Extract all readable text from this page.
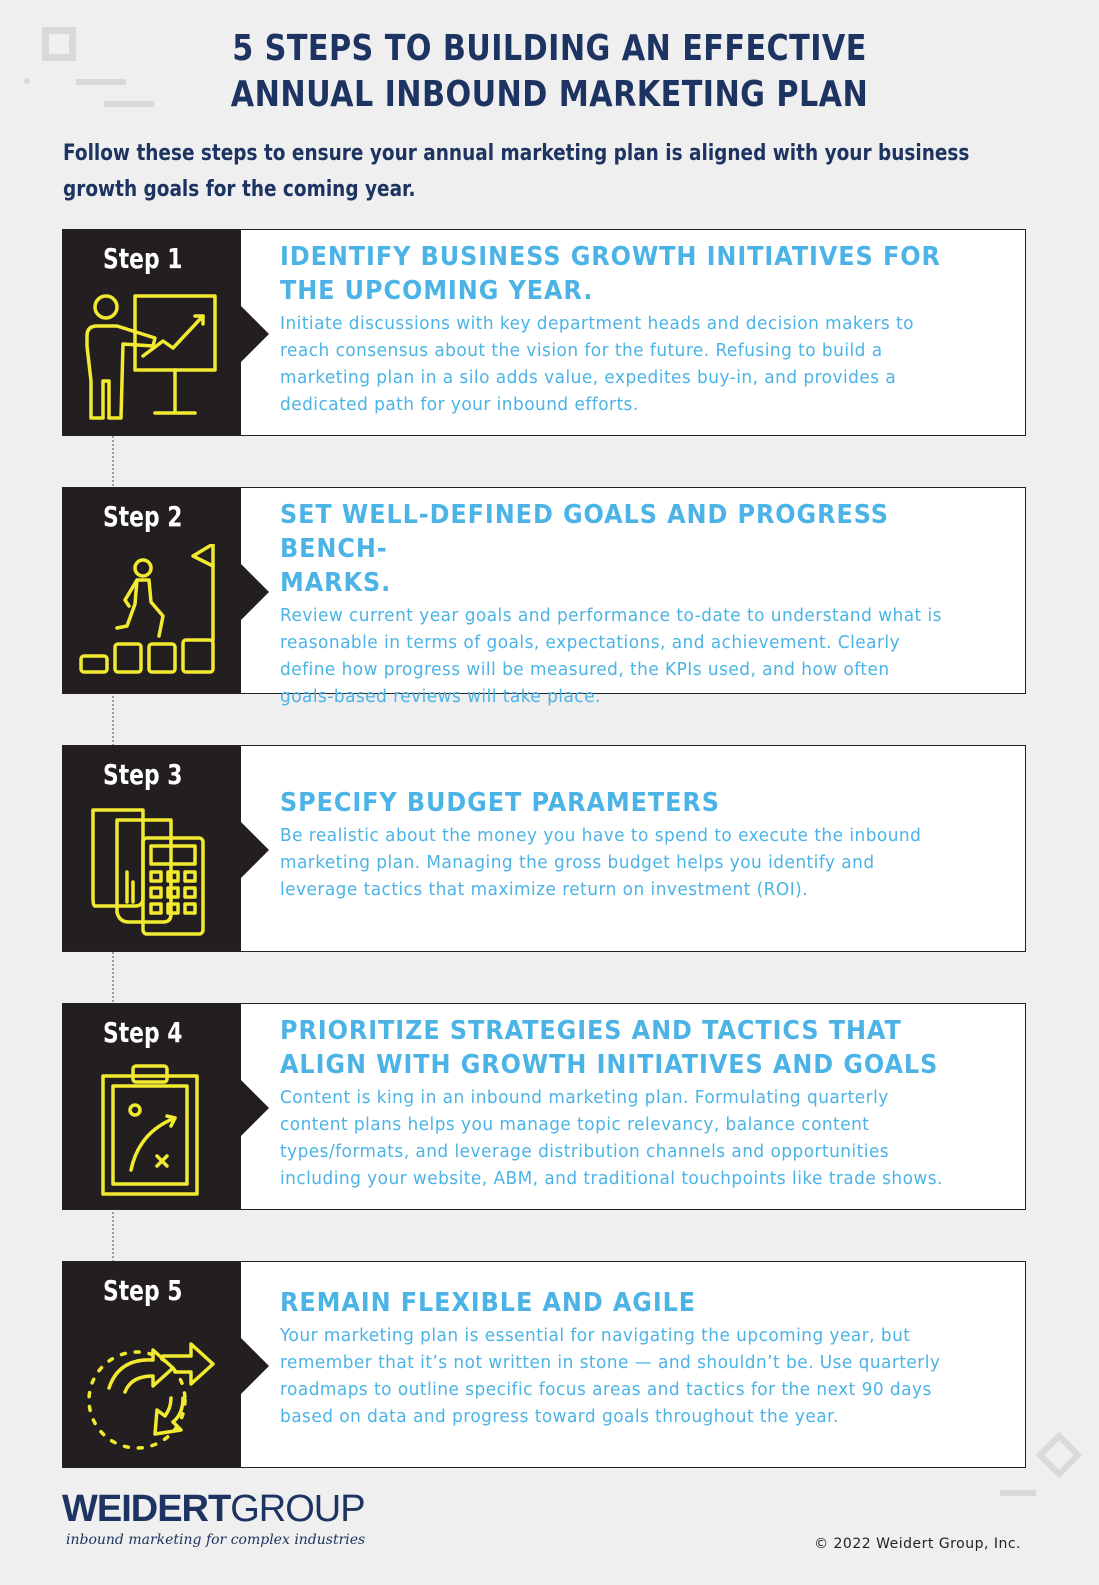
5 STEPS TO BUILDING AN EFFECTIVE
ANNUAL INBOUND MARKETING PLAN
Follow these steps to ensure your annual marketing plan is aligned with your business
growth goals for the coming year.
Step 1	IDENTIFY BUSINESS GROWTH INITIATIVES FOR
THE UPCOMING YEAR.
Initiate discussions with key department heads and decision makers to
reach consensus about the vision for the future. Refusing to build a
marketing plan in a silo adds value, expedites buy-in, and provides a
dedicated path for your inbound efforts.
Step 2	SET WELL-DEFINED GOALS AND PROGRESS BENCH-
MARKS.
Review current year goals and performance to-date to understand what is
reasonable in terms of goals, expectations, and achievement. Clearly
define how progress will be measured, the KPIs used, and how often
goals-based reviews will take place.
Step 3
SPECIFY BUDGET PARAMETERS
Be realistic about the money you have to spend to execute the inbound
marketing plan. Managing the gross budget helps you identify and
leverage tactics that maximize return on investment (ROI).
Step 4	PRIORITIZE STRATEGIES AND TACTICS THAT
ALIGN WITH GROWTH INITIATIVES AND GOALS
Content is king in an inbound marketing plan. Formulating quarterly
content plans helps you manage topic relevancy, balance content
types/formats, and leverage distribution channels and opportunities
including your website, ABM, and traditional touchpoints like trade shows.
Step 5	REMAIN FLEXIBLE AND AGILE
Your marketing plan is essential for navigating the upcoming year, but
remember that it’s not written in stone — and shouldn’t be. Use quarterly
roadmaps to outline specific focus areas and tactics for the next 90 days
based on data and progress toward goals throughout the year.
WEIDERTGROUP
inbound marketing for complex industries	© 2022 Weidert Group, Inc.
